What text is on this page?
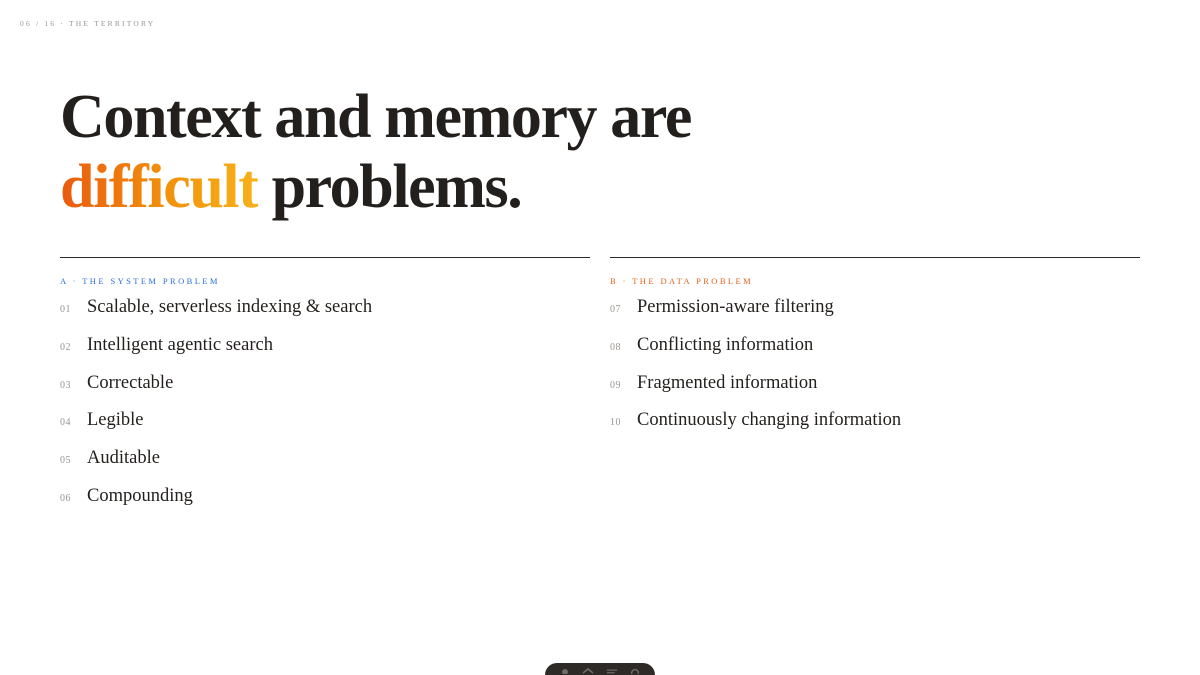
06 / 16 · THE TERRITORY
Context and memory are
difficult problems.
A · THE SYSTEM PROBLEM
01 Scalable, serverless indexing & search
02 Intelligent agentic search
03 Correctable
04 Legible
05 Auditable
06 Compounding
B · THE DATA PROBLEM
07 Permission-aware filtering
08 Conflicting information
09 Fragmented information
10 Continuously changing information
